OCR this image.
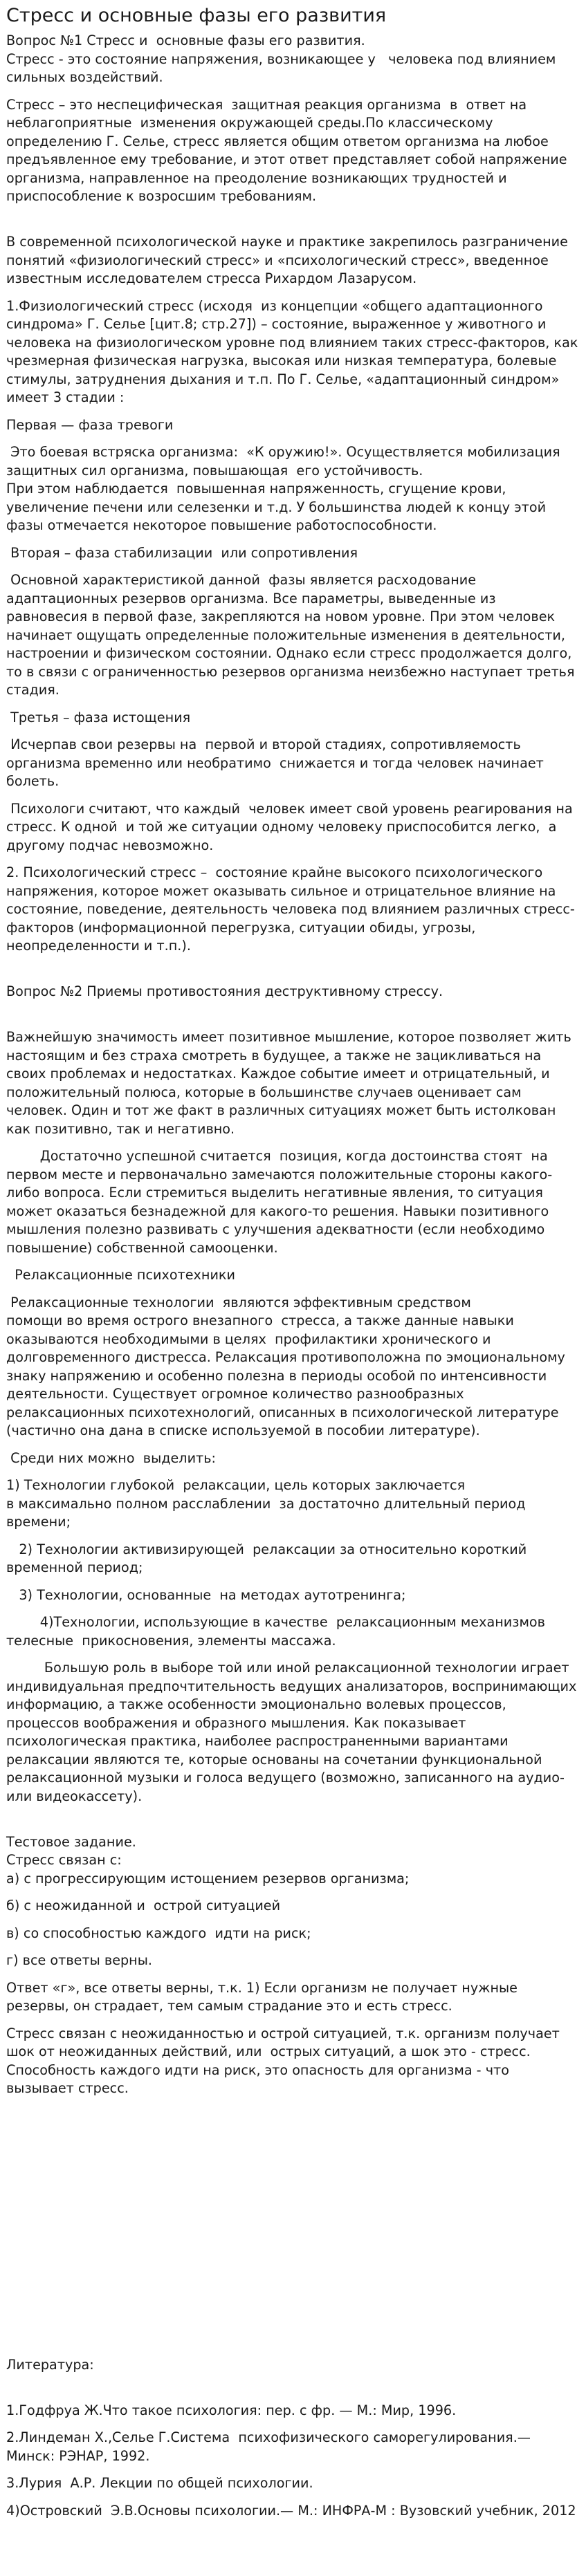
Стресс и основные фазы его развития

Вопрос №1 Стресс и  основные фазы его развития.

Стресс - это состояние напряжения, возникающее у   человека под влиянием сильных воздействий.

Стресс – это неспецифическая  защитная реакция организма  в  ответ на неблагоприятные  изменения окружающей среды.По классическому определению Г. Селье, стресс является общим ответом организма на любое предъявленное ему требование, и этот ответ представляет собой напряжение организма, направленное на преодоление возникающих трудностей и приспособление к возросшим требованиям.

В современной психологической науке и практике закрепилось разграничение понятий «физиологический стресс» и «психологический стресс», введенное известным исследователем стресса Рихардом Лазарусом.

1.Физиологический стресс (исходя  из концепции «общего адаптационного синдрома» Г. Селье [цит.8; стр.27]) – состояние, выраженное у животного и человека на физиологическом уровне под влиянием таких стресс-факторов, как чрезмерная физическая нагрузка, высокая или низкая температура, болевые стимулы, затруднения дыхания и т.п. По Г. Селье, «адаптационный синдром» имеет 3 стадии :

Первая — фаза тревоги

Это боевая встряска организма:  «К оружию!». Осуществляется мобилизация защитных сил организма, повышающая  его устойчивость.
При этом наблюдается  повышенная напряженность, сгущение крови, увеличение печени или селезенки и т.д. У большинства людей к концу этой фазы отмечается некоторое повышение работоспособности.

Вторая – фаза стабилизации  или сопротивления

Основной характеристикой данной  фазы является расходование адаптационных резервов организма. Все параметры, выведенные из равновесия в первой фазе, закрепляются на новом уровне. При этом человек начинает ощущать определенные положительные изменения в деятельности, настроении и физическом состоянии. Однако если стресс продолжается долго, то в связи с ограниченностью резервов организма неизбежно наступает третья стадия.

Третья – фаза истощения

Исчерпав свои резервы на  первой и второй стадиях, сопротивляемость организма временно или необратимо  снижается и тогда человек начинает болеть.

Психологи считают, что каждый  человек имеет свой уровень реагирования на стресс. К одной  и той же ситуации одному человеку приспособится легко,  а другому подчас невозможно.

2. Психологический стресс –  состояние крайне высокого психологического напряжения, которое может оказывать сильное и отрицательное влияние на состояние, поведение, деятельность человека под влиянием различных стресс-факторов (информационной перегрузка, ситуации обиды, угрозы, неопределенности и т.п.).

Вопрос №2 Приемы противостояния деструктивному стрессу.

Важнейшую значимость имеет позитивное мышление, которое позволяет жить настоящим и без страха смотреть в будущее, а также не зацикливаться на своих проблемах и недостатках. Каждое событие имеет и отрицательный, и положительный полюса, которые в большинстве случаев оценивает сам человек. Один и тот же факт в различных ситуациях может быть истолкован как позитивно, так и негативно.

Достаточно успешной считается  позиция, когда достоинства стоят  на первом месте и первоначально замечаются положительные стороны какого-либо вопроса. Если стремиться выделить негативные явления, то ситуация может оказаться безнадежной для какого-то решения. Навыки позитивного мышления полезно развивать с улучшения адекватности (если необходимо повышение) собственной самооценки.

Релаксационные психотехники

Релаксационные технологии  являются эффективным средством
помощи во время острого внезапного  стресса, а также данные навыки оказываются необходимыми в целях  профилактики хронического и долговременного дистресса. Релаксация противоположна по эмоциональному знаку напряжению и особенно полезна в периоды особой по интенсивности деятельности. Существует огромное количество разнообразных релаксационных психотехнологий, описанных в психологической литературе (частично она дана в списке используемой в пособии литературе).

Среди них можно  выделить:

1) Технологии глубокой  релаксации, цель которых заключается
в максимально полном расслаблении  за достаточно длительный период времени;

2) Технологии активизирующей  релаксации за относительно короткий временной период;

3) Технологии, основанные  на методах аутотренинга;

4)Технологии, использующие в качестве  релаксационным механизмов телесные  прикосновения, элементы массажа.

Большую роль в выборе той или иной релаксационной технологии играет индивидуальная предпочтительность ведущих анализаторов, воспринимающих информацию, а также особенности эмоционально волевых процессов, процессов воображения и образного мышления. Как показывает психологическая практика, наиболее распространенными вариантами релаксации являются те, которые основаны на сочетании функциональной релаксационной музыки и голоса ведущего (возможно, записанного на аудио- или видеокассету).

Тестовое задание.

Стресс связан с:

а) с прогрессирующим истощением резервов организма;

б) с неожиданной и  острой ситуацией

в) со способностью каждого  идти на риск;

г) все ответы верны.

Ответ «г», все ответы верны, т.к. 1) Если организм не получает нужные резервы, он страдает, тем самым страдание это и есть стресс.

Стресс связан с неожиданностью и острой ситуацией, т.к. организм получает шок от неожиданных действий, или  острых ситуаций, а шок это - стресс. Способность каждого идти на риск, это опасность для организма - что вызывает стресс.

Литература:

1.Годфруа Ж.Что такое психология: пер. с фр. — М.: Мир, 1996.

2.Линдеман Х.,Селье Г.Система  психофизического саморегулирования.— Минск: РЭНАР, 1992.

3.Лурия  А.Р. Лекции по общей психологии.

4)Островский  Э.В.Основы психологии.— М.: ИНФРА-М : Вузовский учебник, 2012
